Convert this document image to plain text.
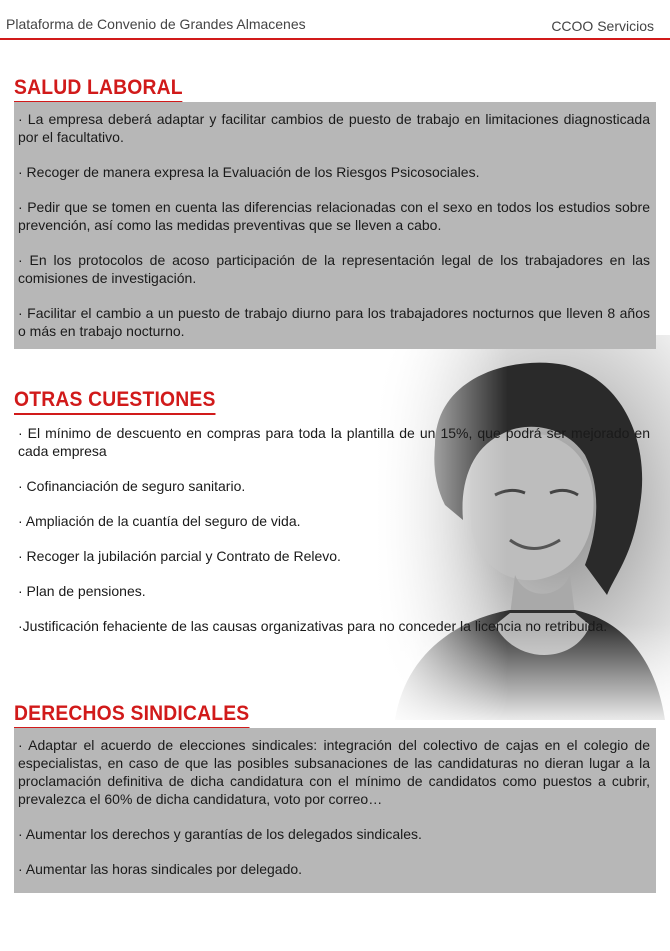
Plataforma de Convenio de Grandes Almacenes	CCOO Servicios
SALUD LABORAL

· La empresa deberá adaptar y facilitar cambios de puesto de trabajo en limitaciones diagnosticada por el facultativo.

· Recoger de manera expresa la Evaluación de los Riesgos Psicosociales.

· Pedir que se tomen en cuenta las diferencias relacionadas con el sexo en todos los estudios sobre prevención, así como las medidas preventivas que se lleven a cabo.

· En los protocolos de acoso participación de la representación legal de los trabajadores en las comisiones de investigación.

· Facilitar el cambio a un puesto de trabajo diurno para los trabajadores nocturnos que lleven 8 años o más en trabajo nocturno.

OTRAS CUESTIONES

· El mínimo de descuento en compras para toda la plantilla de un 15%, que podrá ser mejorado en cada empresa

· Cofinanciación de seguro sanitario.

· Ampliación de la cuantía del seguro de vida.

· Recoger la jubilación parcial y Contrato de Relevo.

· Plan de pensiones.

·Justificación fehaciente de las causas organizativas para no conceder la licencia no retribuida.

DERECHOS SINDICALES

· Adaptar el acuerdo de elecciones sindicales: integración del colectivo de cajas en el colegio de especialistas, en caso de que las posibles subsanaciones de las candidaturas no dieran lugar a la proclamación definitiva de dicha candidatura con el mínimo de candidatos como puestos a cubrir, prevalezca el 60% de dicha candidatura, voto por correo…

· Aumentar los derechos y garantías de los delegados sindicales.

· Aumentar las horas sindicales por delegado.
